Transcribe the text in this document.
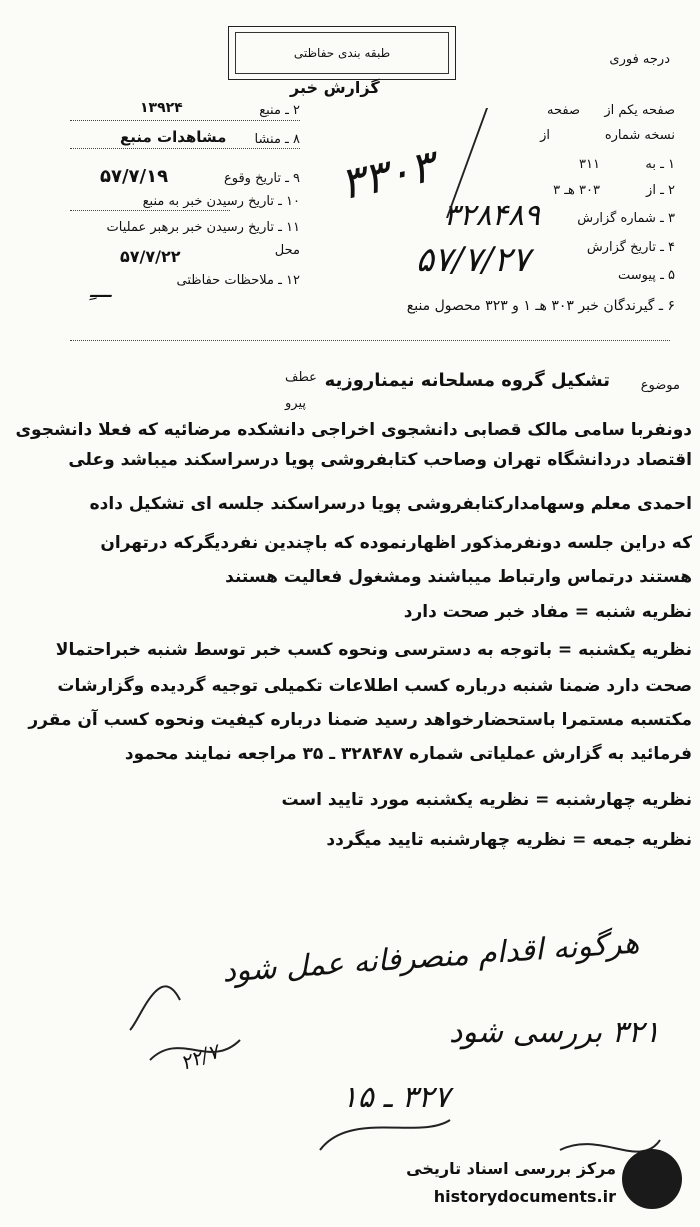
درجه فوری
طبقه بندی حفاظتی
گزارش خبر
صفحه یکم از
صفحه
نسخه شماره
از
۱ ـ به
۳۱۱
۲ ـ از
۳۰۳ هـ ۳
۳ ـ شماره گزارش
۳۲۸۴۸۹
۴ ـ تاریخ گزارش
۵۷/۷/۲۷	۵ ـ پیوست
٣٣٠٣
۲ ـ منبع
۱۳۹۲۴
۸ ـ منشا
مشاهدات منبع
۹ ـ تاریخ وقوع
۵۷/۷/۱۹
۱۰ ـ تاریخ رسیدن خبر به منبع
۱۱ ـ تاریخ رسیدن خبر برهبر عملیات
محل
۵۷/۷/۲۲
۱۲ ـ ملاحظات حفاظتی
ـــِ
۶ ـ گیرندگان خبر ۳۰۳ هـ ۱ و ۳۲۳ محصول منبع
موضوع
تشکیل گروه مسلحانه نیمناروزیه
عطف
پیرو
دونفربا سامی مالک قصابی دانشجوی اخراجی دانشکده مرضائیه که فعلا دانشجوی
اقتصاد دردانشگاه تهران وصاحب کتابفروشی پویا درسراسکند میباشد وعلی
احمدی معلم وسهامدارکتابفروشی پویا درسراسکند جلسه ای تشکیل داده
که دراین جلسه دونفرمذکور اظهارنموده که باچندین نفردیگرکه درتهران
هستند درتماس وارتباط میباشند ومشغول فعالیت هستند
نظریه شنبه = مفاد خبر صحت دارد
نظریه یکشنبه = باتوجه به دسترسی ونحوه کسب خبر توسط شنبه خبراحتمالا
صحت دارد ضمنا شنبه درباره کسب اطلاعات تکمیلی توجیه گردیده وگزارشات
مکتسبه مستمرا باستحضارخواهد رسید ضمنا درباره کیفیت ونحوه کسب آن مقرر
فرمائید به گزارش عملیاتی شماره ۳۲۸۴۸۷ ـ ۳۵ مراجعه نمایند محمود
نظریه چهارشنبه = نظریه یکشنبه مورد تایید است
نظریه جمعه = نظریه چهارشنبه تایید میگردد
هرگونه اقدام منصرفانه عمل شود
۳۲۱ بررسی شود
۳۲۷ ـ ۱۵
۲۲/۷
مرکز بررسی اسناد تاریخی
historydocuments.ir
